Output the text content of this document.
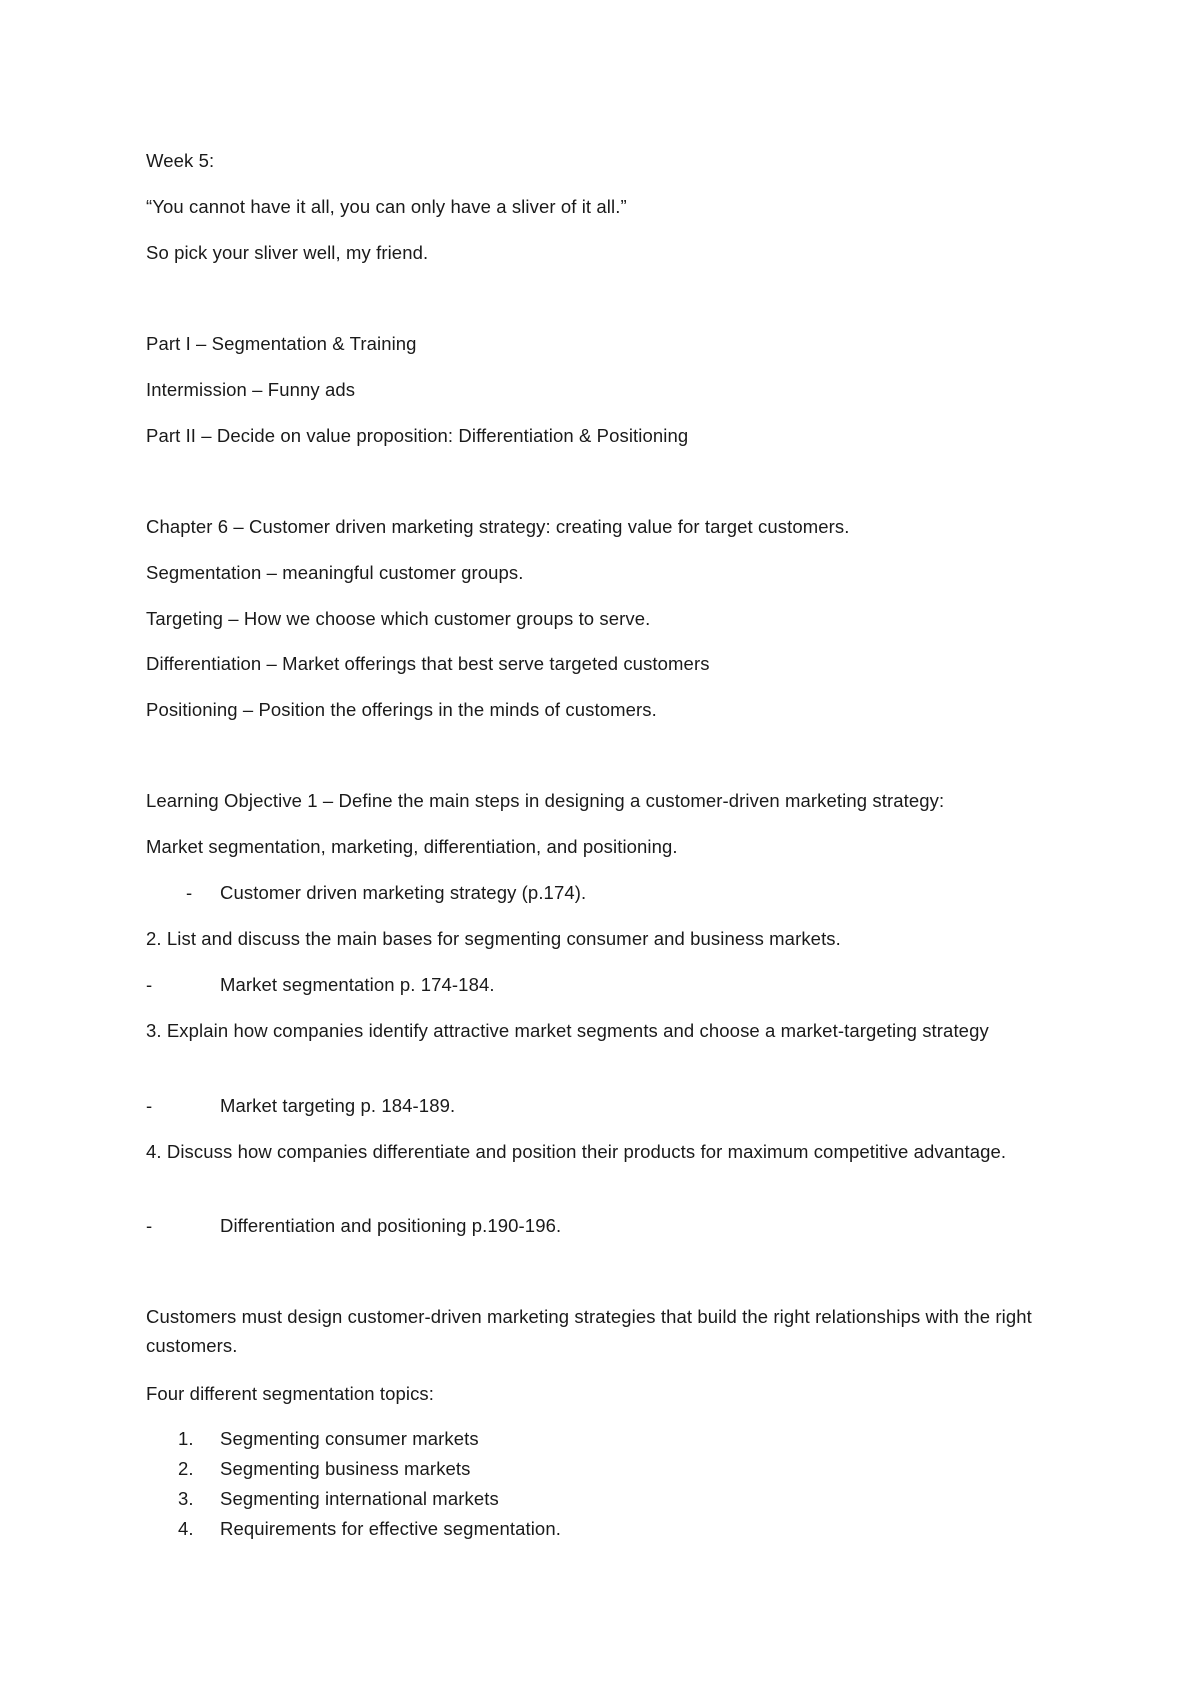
Week 5:
“You cannot have it all, you can only have a sliver of it all.”
So pick your sliver well, my friend.
Part I – Segmentation & Training
Intermission – Funny ads
Part II – Decide on value proposition: Differentiation & Positioning
Chapter 6 – Customer driven marketing strategy: creating value for target customers.
Segmentation – meaningful customer groups.
Targeting – How we choose which customer groups to serve.
Differentiation – Market offerings that best serve targeted customers
Positioning – Position the offerings in the minds of customers.
Learning Objective 1 – Define the main steps in designing a customer-driven marketing strategy:
Market segmentation, marketing, differentiation, and positioning.
- Customer driven marketing strategy (p.174).
2. List and discuss the main bases for segmenting consumer and business markets.
-	Market segmentation p. 174-184.
3. Explain how companies identify attractive market segments and choose a market-targeting strategy
-	Market targeting p. 184-189.
4. Discuss how companies differentiate and position their products for maximum competitive advantage.
-	Differentiation and positioning p.190-196.
Customers must design customer-driven marketing strategies that build the right relationships with the right customers.
Four different segmentation topics:
1. Segmenting consumer markets
2. Segmenting business markets
3. Segmenting international markets
4. Requirements for effective segmentation.
